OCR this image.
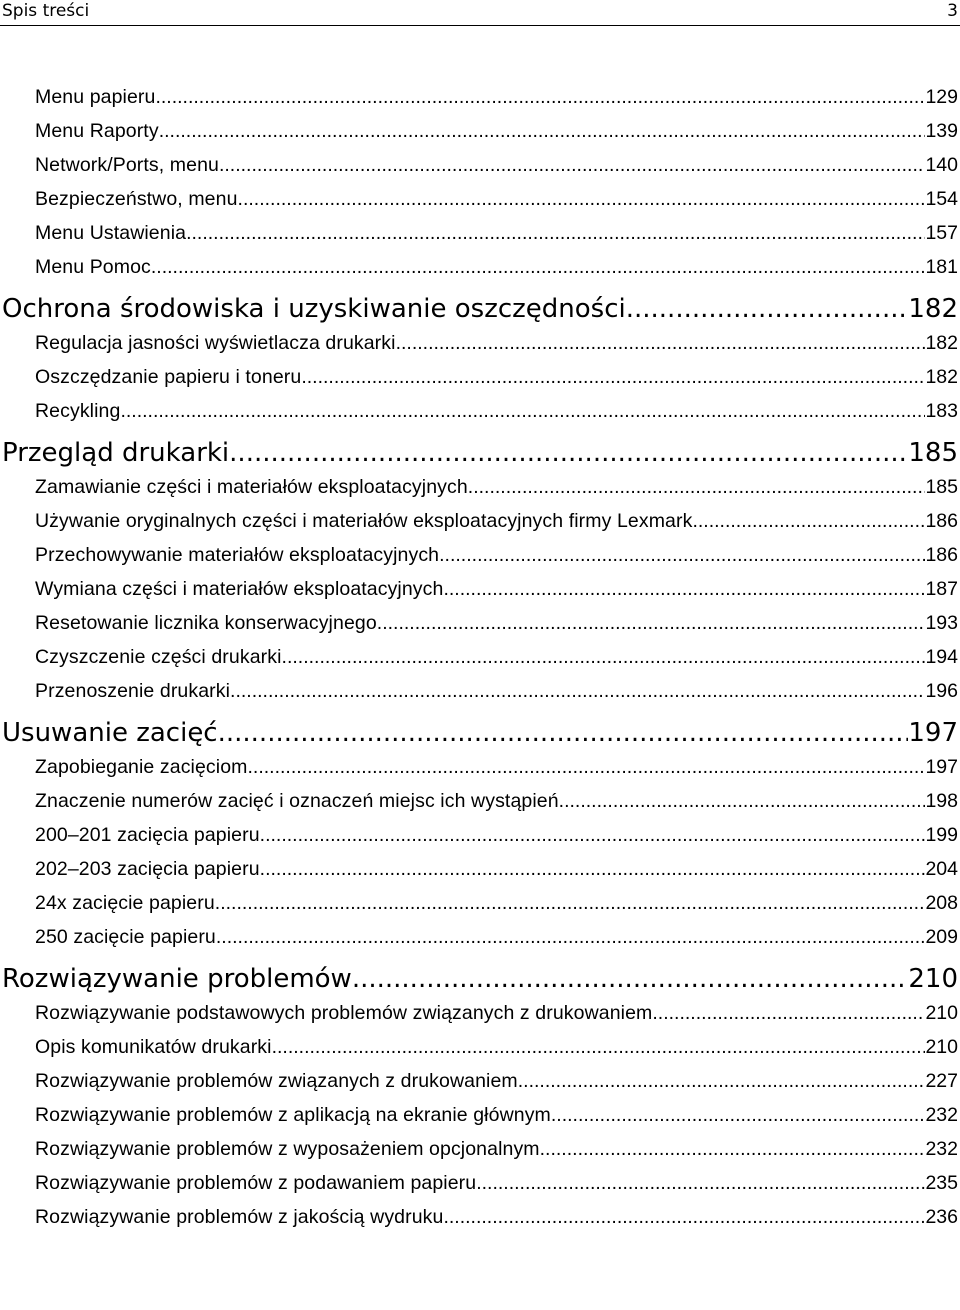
Spis treści	3
Menu papieru .....	129
Menu Raporty .....	139
Network/Ports, menu .....	140
Bezpieczeństwo, menu .....	154
Menu Ustawienia .....	157
Menu Pomoc .....	181
Ochrona środowiska i uzyskiwanie oszczędności .....	182
Regulacja jasności wyświetlacza drukarki .....	182
Oszczędzanie papieru i toneru .....	182
Recykling .....	183
Przegląd drukarki .....	185
Zamawianie części i materiałów eksploatacyjnych .....	185
Używanie oryginalnych części i materiałów eksploatacyjnych firmy Lexmark .....	186
Przechowywanie materiałów eksploatacyjnych .....	186
Wymiana części i materiałów eksploatacyjnych .....	187
Resetowanie licznika konserwacyjnego .....	193
Czyszczenie części drukarki .....	194
Przenoszenie drukarki .....	196
Usuwanie zacięć .....	197
Zapobieganie zacięciom .....	197
Znaczenie numerów zacięć i oznaczeń miejsc ich wystąpień .....	198
200–201 zacięcia papieru .....	199
202–203 zacięcia papieru .....	204
24x zacięcie papieru .....	208
250 zacięcie papieru .....	209
Rozwiązywanie problemów .....	210
Rozwiązywanie podstawowych problemów związanych z drukowaniem .....	210
Opis komunikatów drukarki .....	210
Rozwiązywanie problemów związanych z drukowaniem .....	227
Rozwiązywanie problemów z aplikacją na ekranie głównym .....	232
Rozwiązywanie problemów z wyposażeniem opcjonalnym .....	232
Rozwiązywanie problemów z podawaniem papieru .....	235
Rozwiązywanie problemów z jakością wydruku .....	236
